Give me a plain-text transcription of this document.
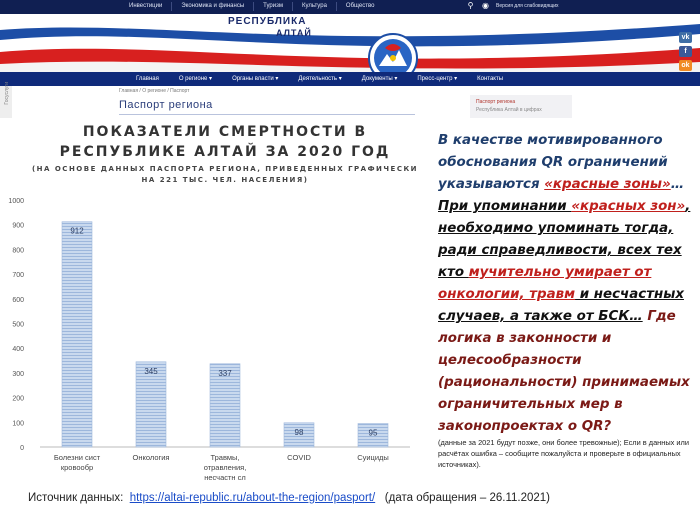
Инвестиции	Экономика и финансы	Туризм	Культура	Общество	⚲ ◉ Версия для слабовидящих
РЕСПУБЛИКА
АЛТАЙ	vk
f
ok
Главная	О регионе ▾	Органы власти ▾	Деятельность ▾	Документы ▾	Пресс-центр ▾	Контакты
Госуслуги	Главная / О регионе / Паспорт
Паспорт региона	Паспорт региона
Республика Алтай в цифрах
ПОКАЗАТЕЛИ СМЕРТНОСТИ В РЕСПУБЛИКЕ АЛТАЙ ЗА 2020 ГОД
(НА ОСНОВЕ ДАННЫХ ПАСПОРТА РЕГИОНА, ПРИВЕДЕННЫХ ГРАФИЧЕСКИ НА 221 ТЫС. ЧЕЛ. НАСЕЛЕНИЯ)
0
100
200
300
400
500
600
700
800
900
1000
912
345	337
98	95
Болезни сист кровообр
Онкология	Травмы, отравления, несчастн сл
COVID	Суициды
В качестве мотивированного обоснования QR ограничений указываются «красные зоны»… При упоминании «красных зон», необходимо упоминать тогда, ради справедливости, всех тех кто мучительно умирает от онкологии, травм и несчастных случаев, а также от БСК… Где логика в законности и целесообразности (рациональности) принимаемых ограничительных мер в законопроектах о QR?
(данные за 2021 будут позже, они более тревожные); Если в данных или расчётах ошибка – сообщите пожалуйста и проверьте в официальных источниках).
Источник данных: https://altai-republic.ru/about-the-region/pasport/ (дата обращения – 26.11.2021)
